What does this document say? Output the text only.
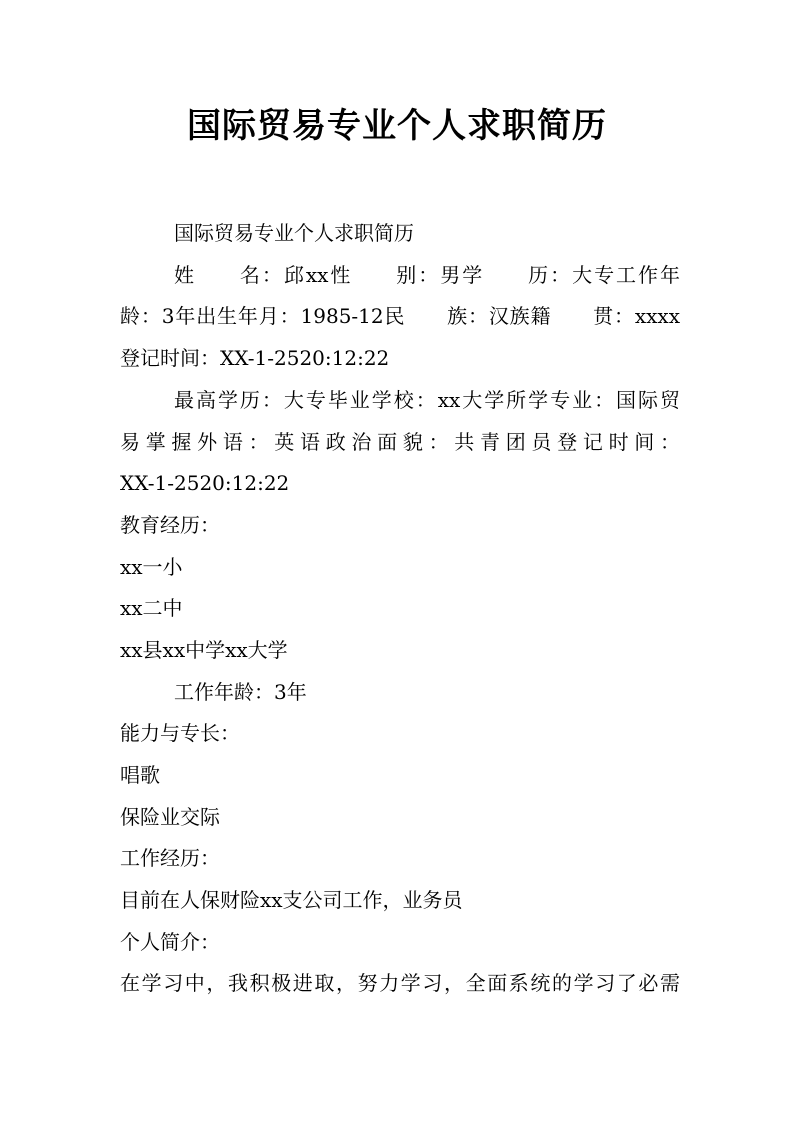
国际贸易专业个人求职简历
国际贸易专业个人求职简历
姓　　名：邱xx性　　别：男学　　历：大专工作年
龄：3年出生年月：1985-12民　　族：汉族籍　　贯：xxxx
登记时间：XX-1-2520:12:22
最高学历：大专毕业学校：xx大学所学专业：国际贸
易掌握外语：英语政治面貌：共青团员登记时间：
XX-1-2520:12:22
教育经历：
xx一小
xx二中
xx县xx中学xx大学
工作年龄：3年
能力与专长：
唱歌
保险业交际
工作经历：
目前在人保财险xx支公司工作，业务员
个人简介：
在学习中，我积极进取，努力学习，全面系统的学习了必需
